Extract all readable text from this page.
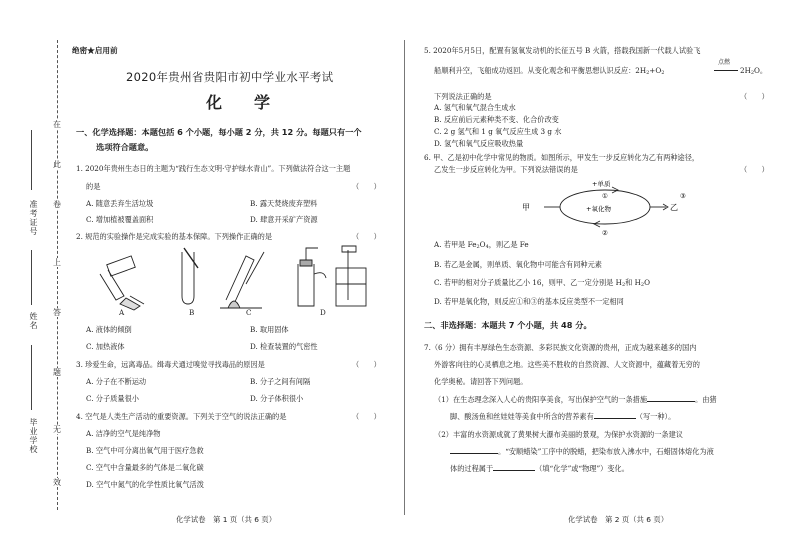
在
此
卷
上
答
题
无
效
准考证号
姓名
毕业学校
绝密★启用前
2020年贵州省贵阳市初中学业水平考试
化　学
一、化学选择题：本题包括 6 个小题，每小题 2 分，共 12 分。每题只有一个
选项符合题意。
1. 2020年贵州生态日的主题为“践行生态文明·守护绿水青山”。下列做法符合这一主题
的是	（　　）
A. 随意丢弃生活垃圾	B. 露天焚烧废弃塑料
C. 增加植被覆盖面积	D. 肆意开采矿产资源
2. 规范的实验操作是完成实验的基本保障。下列操作正确的是	（　　）
A	B	C	D
A. 液体的倾倒	B. 取用固体
C. 加热液体	D. 检查装置的气密性
3. 珍爱生命，远离毒品。缉毒犬通过嗅觉寻找毒品的原因是	（　　）
A. 分子在不断运动	B. 分子之间有间隔
C. 分子质量很小	D. 分子体积很小
4. 空气是人类生产活动的重要资源。下列关于空气的说法正确的是	（　　）
A. 洁净的空气是纯净物
B. 空气中可分离出氧气用于医疗急救
C. 空气中含量最多的气体是二氧化碳
D. 空气中氮气的化学性质比氧气活泼
化学试卷　第 1 页（共 6 页）
5. 2020年5月5日，配置有氢氧发动机的长征五号 B 火箭，搭载我国新一代载人试验飞
船顺利升空，飞船成功返回。从变化观念和平衡思想认识反应：$2H_2+O_2$
点燃
$2H_2O$。
下列说法正确的是	（　　）
A. 氢气和氧气混合生成水
B. 反应前后元素种类不变、化合价改变
C. 2 g 氢气和 1 g 氧气反应生成 3 g 水
D. 氢气和氧气反应吸收热量
6. 甲、乙是初中化学中常见的物质。如图所示，甲发生一步反应转化为乙有两种途径，
乙发生一步反应转化为甲。下列说法错误的是	（　　）
甲	乙
+单质
①
+氧化物
②
③
A. 若甲是 $Fe_2O_4$，则乙是 Fe
B. 若乙是金属，则单质、氧化物中可能含有同种元素
C. 若甲的相对分子质量比乙小 16，则甲、乙一定分别是 $H_2$和 $H_2O$
D. 若甲是氧化物，则反应①和③的基本反应类型不一定相同
二、非选择题：本题共 7 个小题，共 48 分。
7.（6 分）拥有丰厚绿色生态资源、多彩民族文化资源的贵州，正成为越来越多的国内
外游客向往的心灵栖息之地。这些美不胜收的自然资源、人文资源中，蕴藏着无穷的
化学奥秘。请回答下列问题。
（1）在生态理念深入人心的贵阳享美食，写出保护空气的一条措施	。由猪
脚、酸汤鱼和丝娃娃等美食中所含的营养素有	（写一种）。
（2）丰富的水资源成就了黄果树大瀑布美丽的景观，为保护水资源的一条建议
。“安顺蜡染”工序中的脱蜡，把染布放入沸水中，石蜡固体熔化为液
体的过程属于	（填“化学”或“物理”）变化。
化学试卷　第 2 页（共 6 页）
